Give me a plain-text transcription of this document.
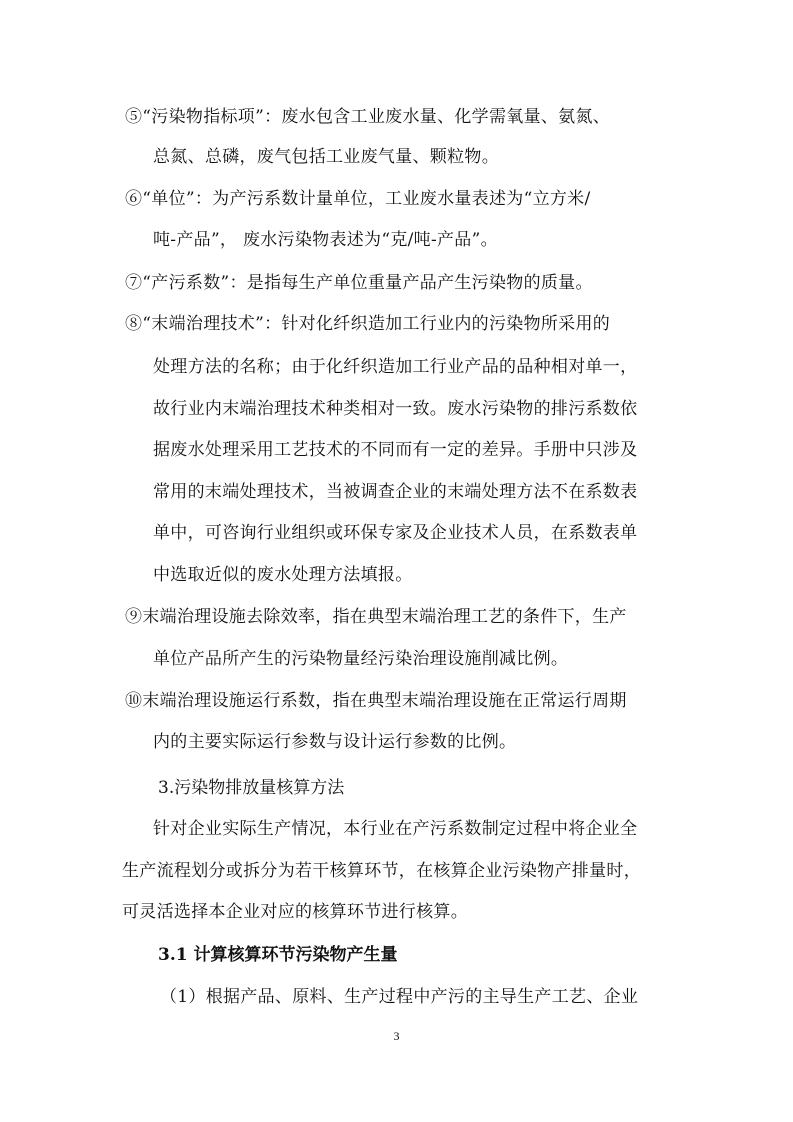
⑤“污染物指标项”：废水包含工业废水量、化学需氧量、氨氮、
总氮、总磷，废气包括工业废气量、颗粒物。
⑥“单位”：为产污系数计量单位，工业废水量表述为“立方米/
吨-产品”， 废水污染物表述为“克/吨-产品”。
⑦“产污系数”：是指每生产单位重量产品产生污染物的质量。
⑧“末端治理技术”：针对化纤织造加工行业内的污染物所采用的
处理方法的名称；由于化纤织造加工行业产品的品种相对单一，
故行业内末端治理技术种类相对一致。废水污染物的排污系数依
据废水处理采用工艺技术的不同而有一定的差异。手册中只涉及
常用的末端处理技术，当被调查企业的末端处理方法不在系数表
单中，可咨询行业组织或环保专家及企业技术人员，在系数表单
中选取近似的废水处理方法填报。
⑨末端治理设施去除效率，指在典型末端治理工艺的条件下，生产
单位产品所产生的污染物量经污染治理设施削减比例。
⑩末端治理设施运行系数，指在典型末端治理设施在正常运行周期
内的主要实际运行参数与设计运行参数的比例。
3.污染物排放量核算方法
针对企业实际生产情况，本行业在产污系数制定过程中将企业全
生产流程划分或拆分为若干核算环节，在核算企业污染物产排量时，
可灵活选择本企业对应的核算环节进行核算。
3.1 计算核算环节污染物产生量
（1）根据产品、原料、生产过程中产污的主导生产工艺、企业
3
